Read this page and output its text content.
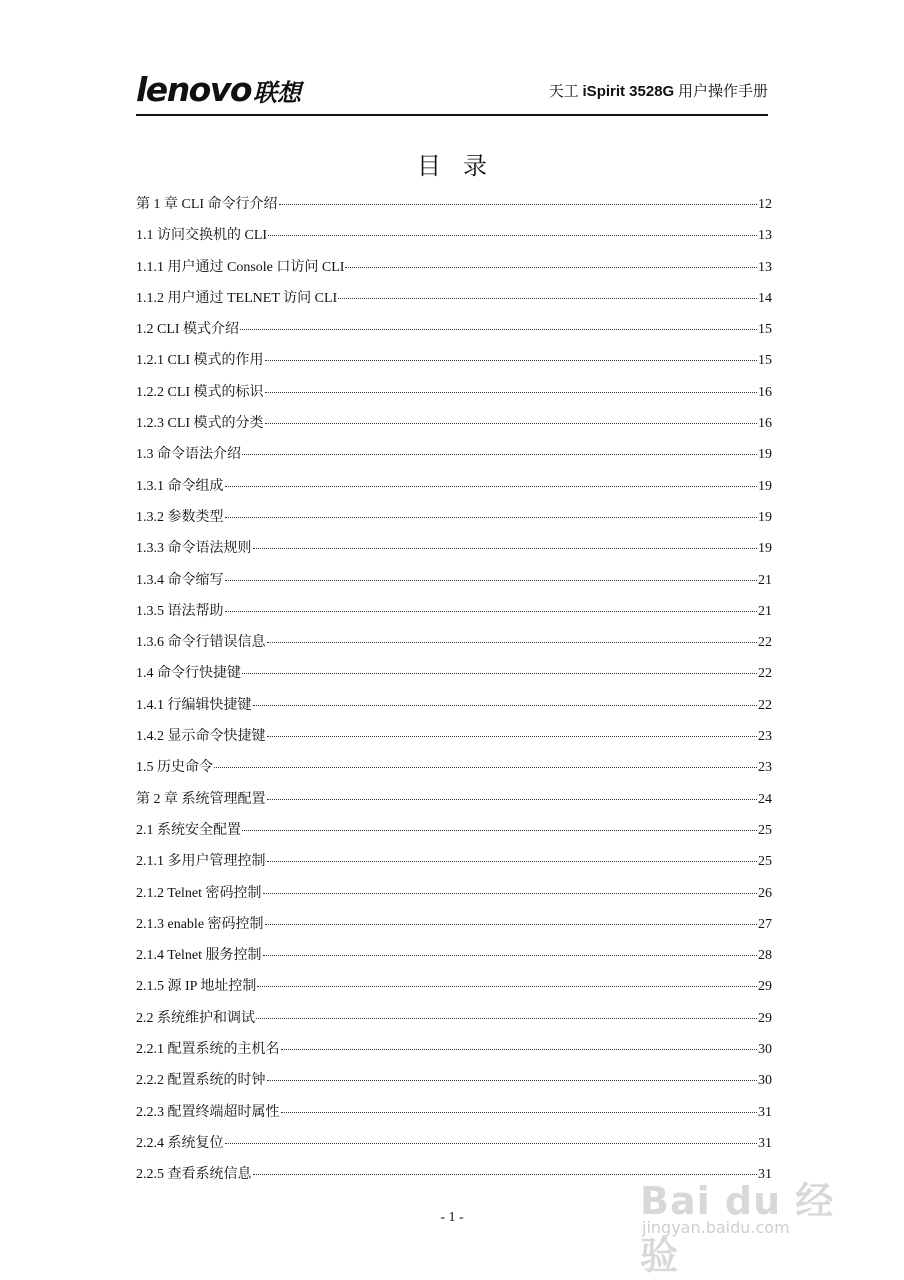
lenovo联想	天工 iSpirit 3528G 用户操作手册
目录
第 1 章 CLI 命令行介绍	12
1.1 访问交换机的 CLI	13
1.1.1 用户通过 Console 口访问 CLI	13
1.1.2 用户通过 TELNET 访问 CLI	14
1.2 CLI 模式介绍	15
1.2.1 CLI 模式的作用	15
1.2.2 CLI 模式的标识	16
1.2.3 CLI 模式的分类	16
1.3 命令语法介绍	19
1.3.1 命令组成	19
1.3.2 参数类型	19
1.3.3 命令语法规则	19
1.3.4 命令缩写	21
1.3.5 语法帮助	21
1.3.6 命令行错误信息	22
1.4 命令行快捷键	22
1.4.1 行编辑快捷键	22
1.4.2 显示命令快捷键	23
1.5 历史命令	23
第 2 章 系统管理配置	24
2.1 系统安全配置	25
2.1.1 多用户管理控制	25
2.1.2 Telnet 密码控制	26
2.1.3 enable 密码控制	27
2.1.4 Telnet 服务控制	28
2.1.5 源 IP 地址控制	29
2.2 系统维护和调试	29
2.2.1 配置系统的主机名	30
2.2.2 配置系统的时钟	30
2.2.3 配置终端超时属性	31
2.2.4 系统复位	31
2.2.5 查看系统信息	31
Bai du 经验
jingyan.baidu.com
- 1 -
